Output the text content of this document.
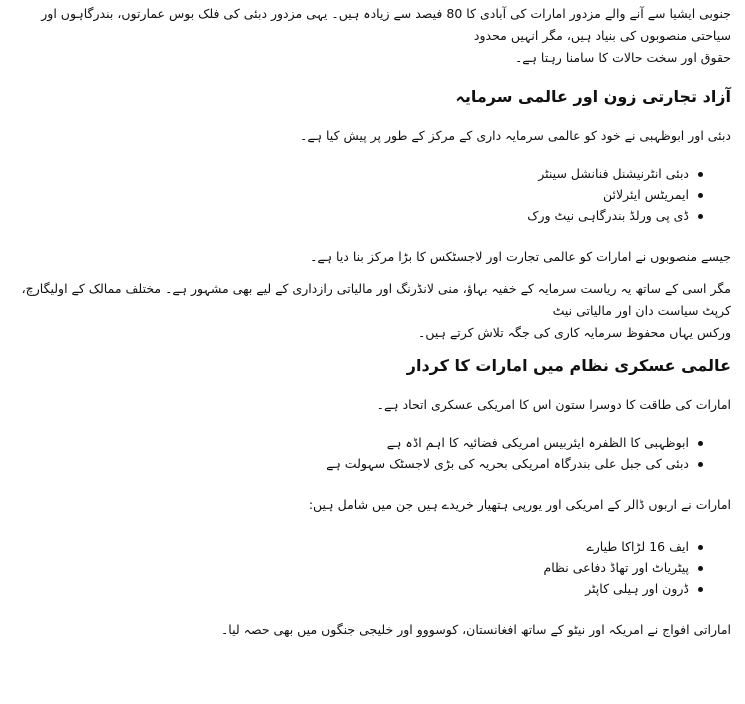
جنوبی ایشیا سے آنے والے مزدور امارات کی آبادی کا 80 فیصد سے زیادہ ہیں۔ یہی مزدور دبئی کی فلک بوس عمارتوں، بندرگاہوں اور سیاحتی منصوبوں کی بنیاد ہیں، مگر انہیں محدود
حقوق اور سخت حالات کا سامنا رہتا ہے۔

آزاد تجارتی زون اور عالمی سرمایہ

دبئی اور ابوظہبی نے خود کو عالمی سرمایہ داری کے مرکز کے طور پر پیش کیا ہے۔

دبئی انٹرنیشنل فنانشل سینٹر
ایمریٹس ایئرلائن
ڈی پی ورلڈ بندرگاہی نیٹ ورک

جیسے منصوبوں نے امارات کو عالمی تجارت اور لاجسٹکس کا بڑا مرکز بنا دیا ہے۔

مگر اسی کے ساتھ یہ ریاست سرمایہ کے خفیہ بہاؤ، منی لانڈرنگ اور مالیاتی رازداری کے لیے بھی مشہور ہے۔ مختلف ممالک کے اولیگارچ، کرپٹ سیاست دان اور مالیاتی نیٹ
ورکس یہاں محفوظ سرمایہ کاری کی جگہ تلاش کرتے ہیں۔

عالمی عسکری نظام میں امارات کا کردار

امارات کی طاقت کا دوسرا ستون اس کا امریکی عسکری اتحاد ہے۔

ابوظہبی کا الظفرہ ایئربیس امریکی فضائیہ کا اہم اڈہ ہے
دبئی کی جبل علی بندرگاہ امریکی بحریہ کی بڑی لاجسٹک سہولت ہے

امارات نے اربوں ڈالر کے امریکی اور یورپی ہتھیار خریدے ہیں جن میں شامل ہیں:

ایف 16 لڑاکا طیارے
پیٹریاٹ اور تھاڈ دفاعی نظام
ڈرون اور ہیلی کاپٹر

اماراتی افواج نے امریکہ اور نیٹو کے ساتھ افغانستان، کوسووو اور خلیجی جنگوں میں بھی حصہ لیا۔
